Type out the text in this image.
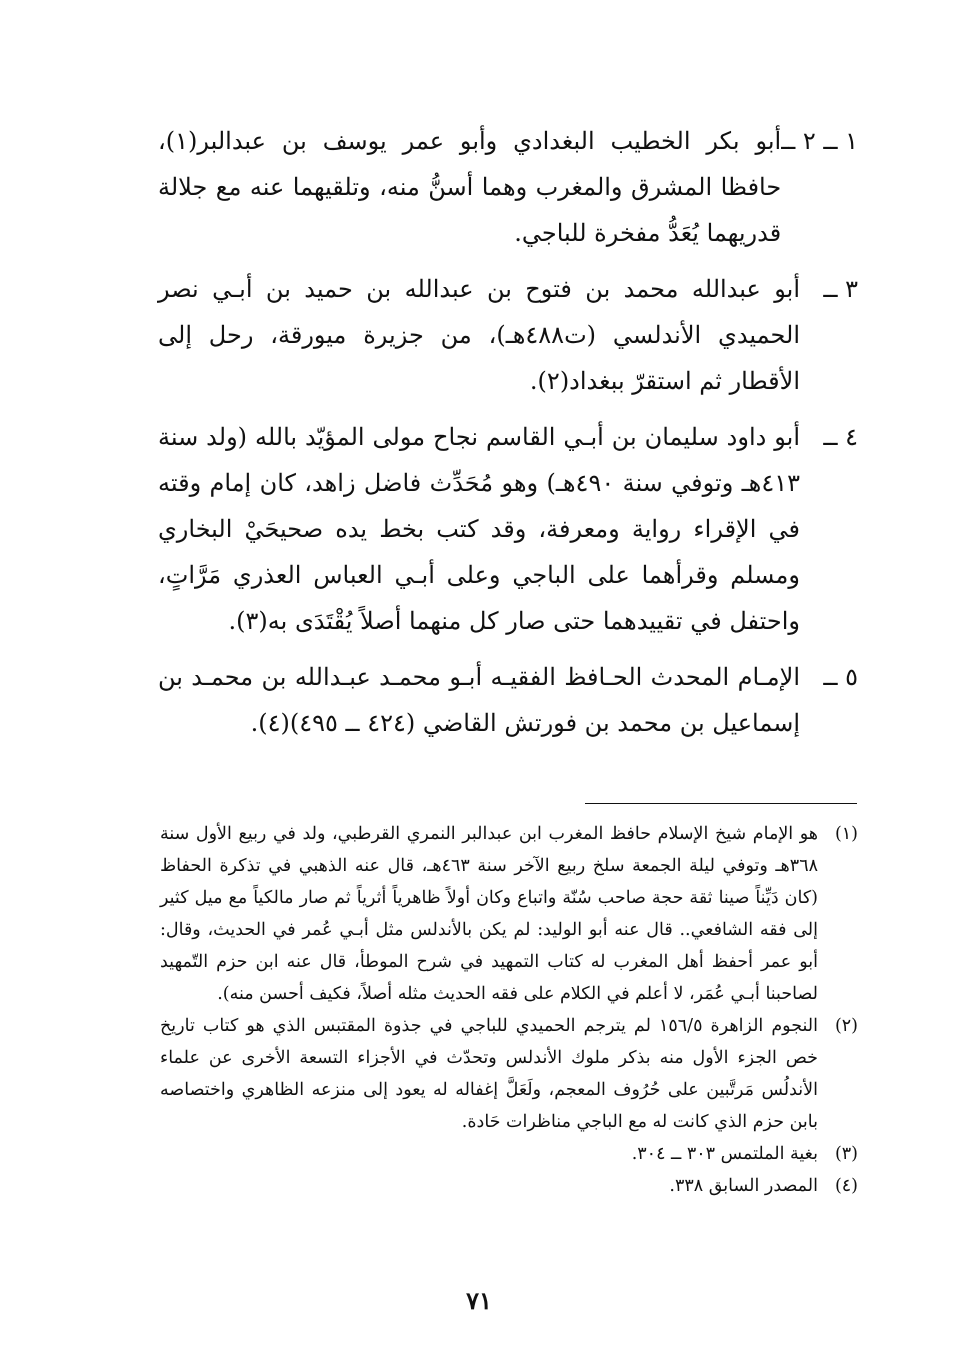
١ ــ ٢ ــ
أبو بكر الخطيب البغدادي وأبو عمر يوسف بن عبدالبر(١)، حافظا المشرق والمغرب وهما أسنُّ منه، وتلقيهما عنه مع جلالة قدريهما يُعَدُّ مفخرة للباجي.
٣ ــ
أبو عبدالله محمد بن فتوح بن عبدالله بن حميد بن أبـي نصر الحميدي الأندلسي (ت٤٨٨هـ)، من جزيرة ميورقة، رحل إلى الأقطار ثم استقرّ ببغداد(٢).
٤ ــ
أبو داود سليمان بن أبـي القاسم نجاح مولى المؤيّد بالله (ولد سنة ٤١٣هـ وتوفي سنة ٤٩٠هـ) وهو مُحَدِّث فاضل زاهد، كان إمام وقته في الإقراء رواية ومعرفة، وقد كتب بخط يده صحيحَيْ البخاري ومسلم وقرأهما على الباجي وعلى أبـي العباس العذري مَرَّاتٍ، واحتفل في تقييدهما حتى صار كل منهما أصلاً يُقْتَدَى به(٣).
٥ ــ
الإمـام المحدث الحـافظ الفقيـه أبـو محمـد عبـدالله بن محمـد بن إسماعيل بن محمد بن فورتش القاضي (٤٢٤ ــ ٤٩٥)(٤).
(١)
هو الإمام شيخ الإسلام حافظ المغرب ابن عبدالبر النمري القرطبي، ولد في ربيع الأول سنة ٣٦٨هـ وتوفي ليلة الجمعة سلخ ربيع الآخر سنة ٤٦٣هـ، قال عنه الذهبي في تذكرة الحفاظ (كان دَيِّناً صينا ثقة حجة صاحب سُنّة واتباع وكان أولاً ظاهرياً أثرياً ثم صار مالكياً مع ميل كثير إلى فقه الشافعي.. قال عنه أبو الوليد: لم يكن بالأندلس مثل أبـي عُمر في الحديث، وقال: أبو عمر أحفظ أهل المغرب له كتاب التمهيد في شرح الموطأ، قال عنه ابن حزم التّمهيد لصاحبنا أبـي عُمَر، لا أعلم في الكلام على فقه الحديث مثله أصلاً، فكيف أحسن منه).
(٢)
النجوم الزاهرة ١٥٦/٥ لم يترجم الحميدي للباجي في جذوة المقتبس الذي هو كتاب تاريخ خص الجزء الأول منه بذكر ملوك الأندلس وتحدّث في الأجزاء التسعة الأخرى عن علماء الأندلُس مَرتَّبين على حُرُوف المعجم، ولَعَلَّ إغفاله له يعود إلى منزعه الظاهري واختصاصه بابن حزم الذي كانت له مع الباجي مناظرات حَادة.
(٣)
بغية الملتمس ٣٠٣ ــ ٣٠٤.
(٤)
المصدر السابق ٣٣٨.
٧١
